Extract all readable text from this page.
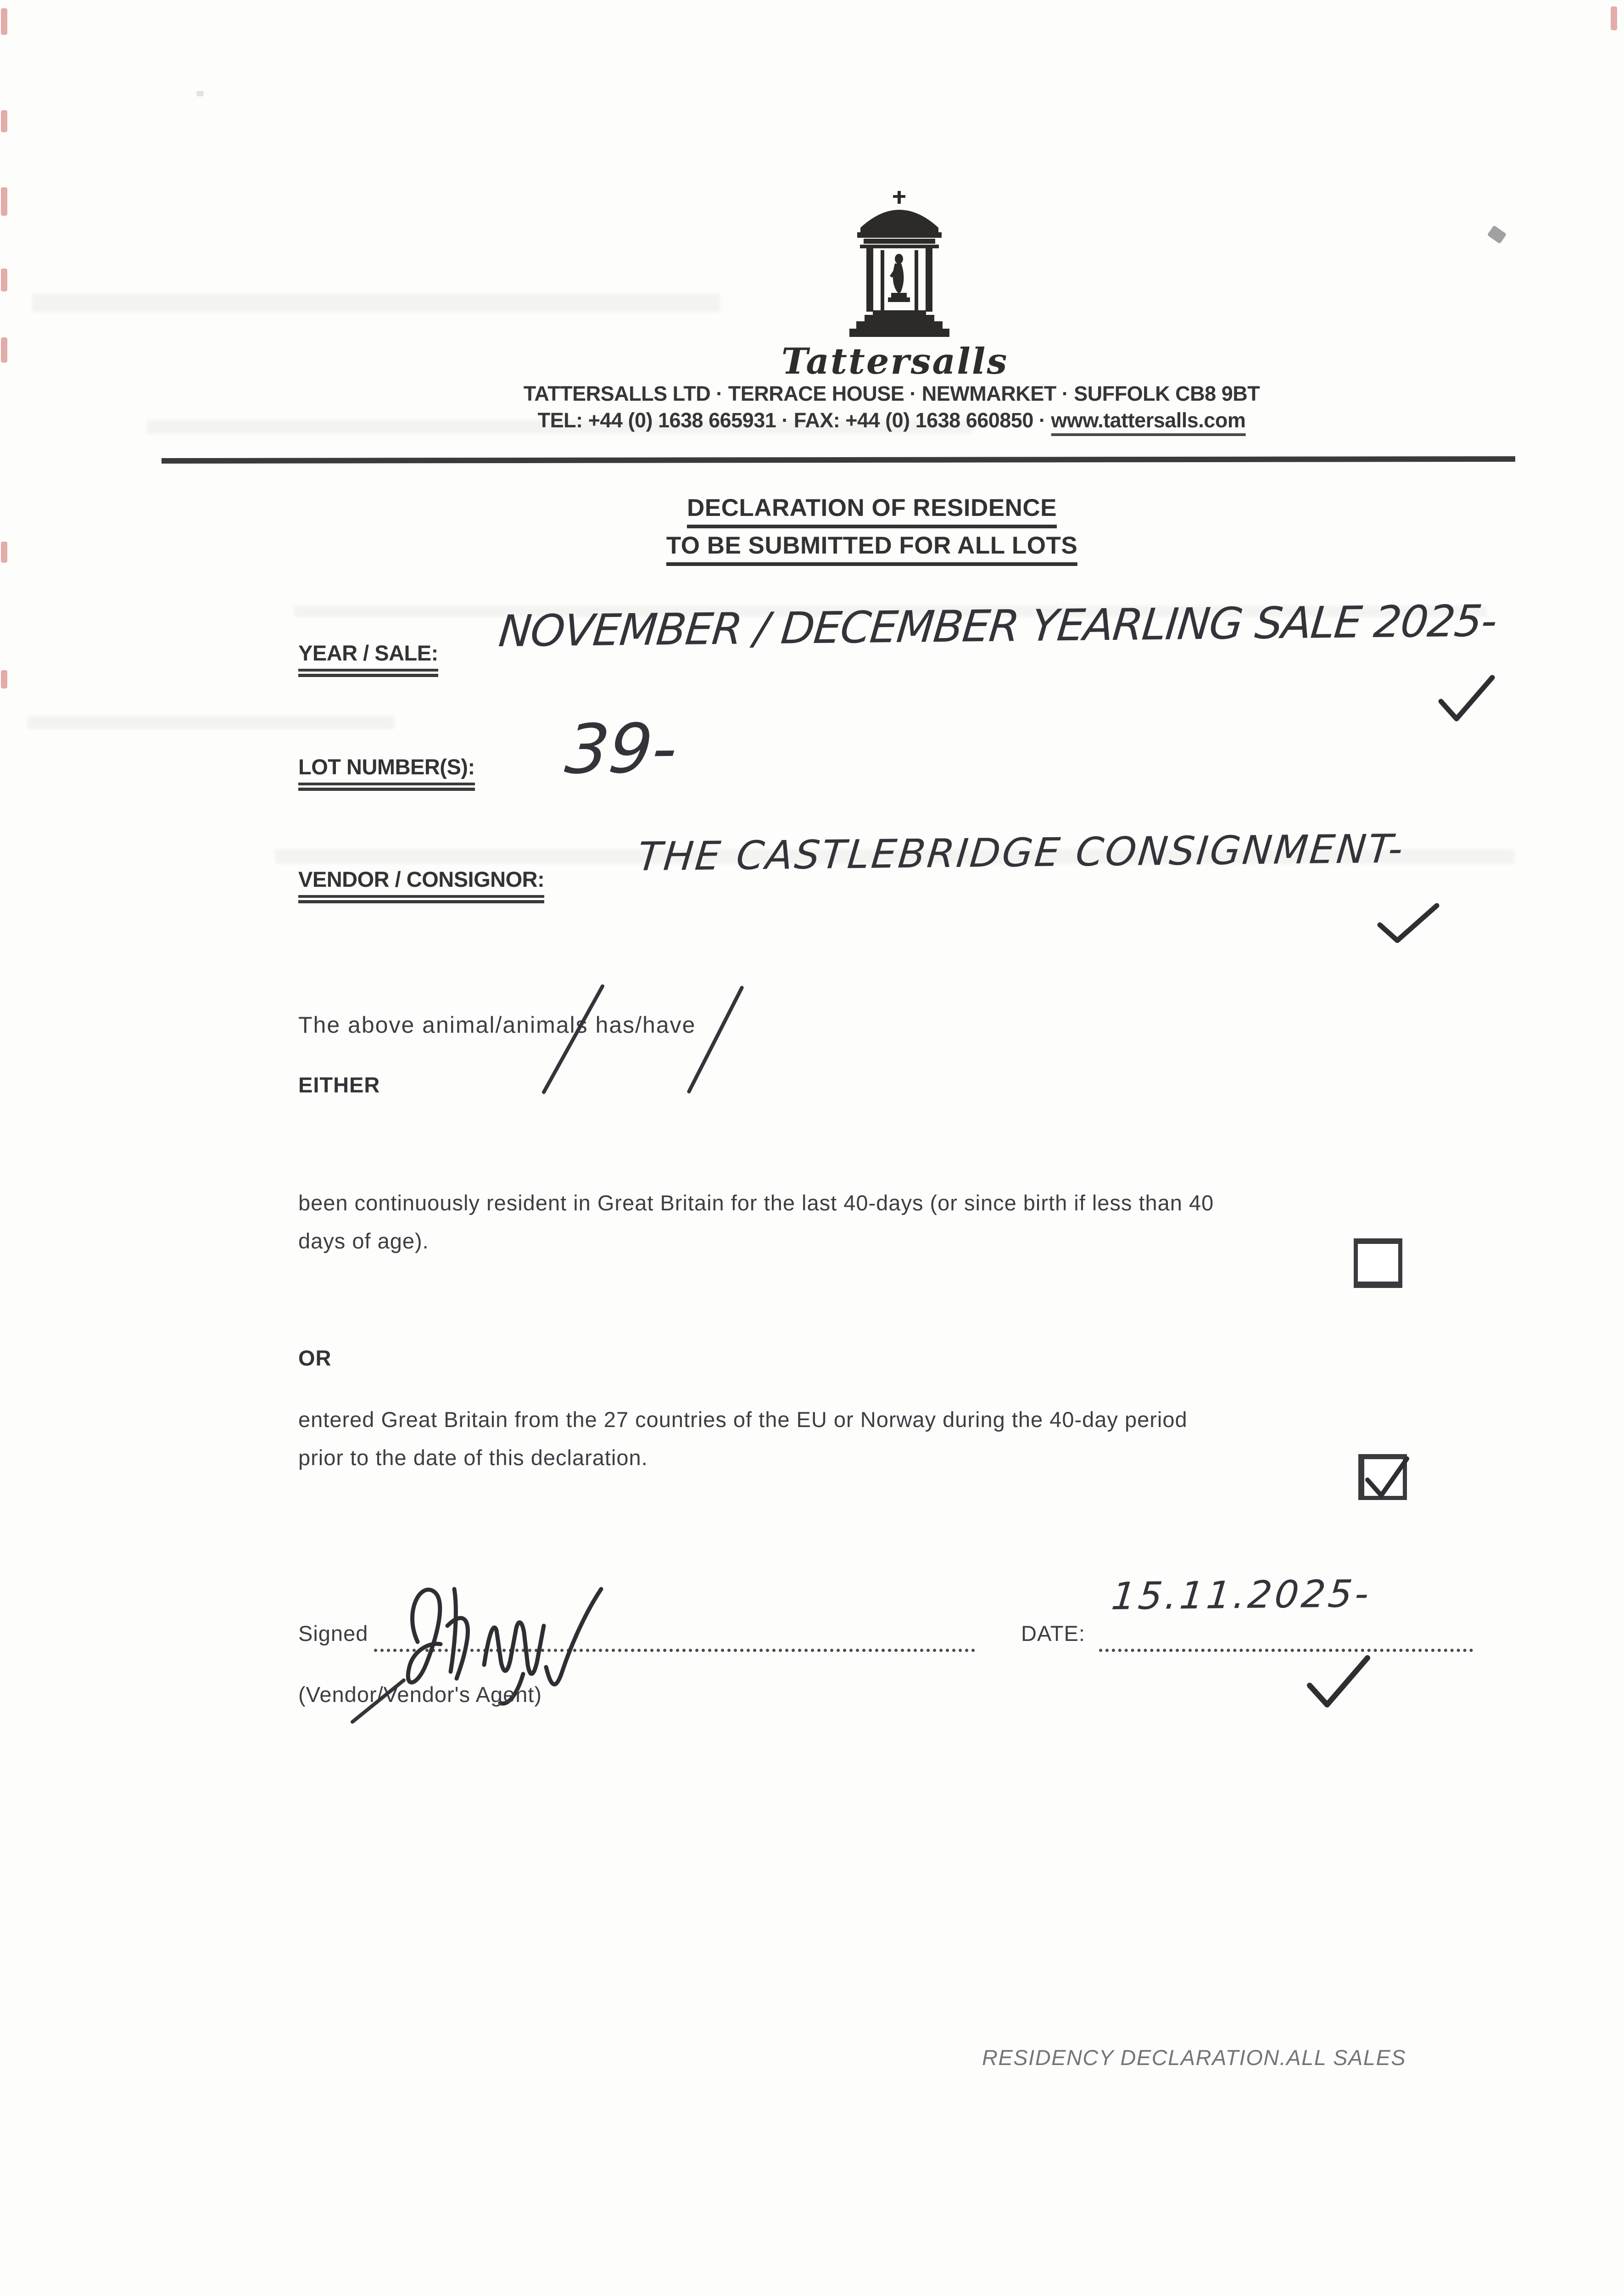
Tattersalls
TATTERSALLS LTD · TERRACE HOUSE · NEWMARKET · SUFFOLK CB8 9BT
TEL: +44 (0) 1638 665931 · FAX: +44 (0) 1638 660850 · www.tattersalls.com
DECLARATION OF RESIDENCE
TO BE SUBMITTED FOR ALL LOTS
YEAR / SALE: NOVEMBER / DECEMBER YEARLING SALE 2025-
LOT NUMBER(S): 39-
VENDOR / CONSIGNOR: THE CASTLEBRIDGE CONSIGNMENT-
The above animal/animals has/have
EITHER
been continuously resident in Great Britain for the last 40-days (or since birth if less than 40
days of age).
OR
entered Great Britain from the 27 countries of the EU or Norway during the 40-day period
prior to the date of this declaration.
Signed	DATE:
15.11.2025-
(Vendor/Vendor's Agent)
RESIDENCY DECLARATION.ALL SALES
